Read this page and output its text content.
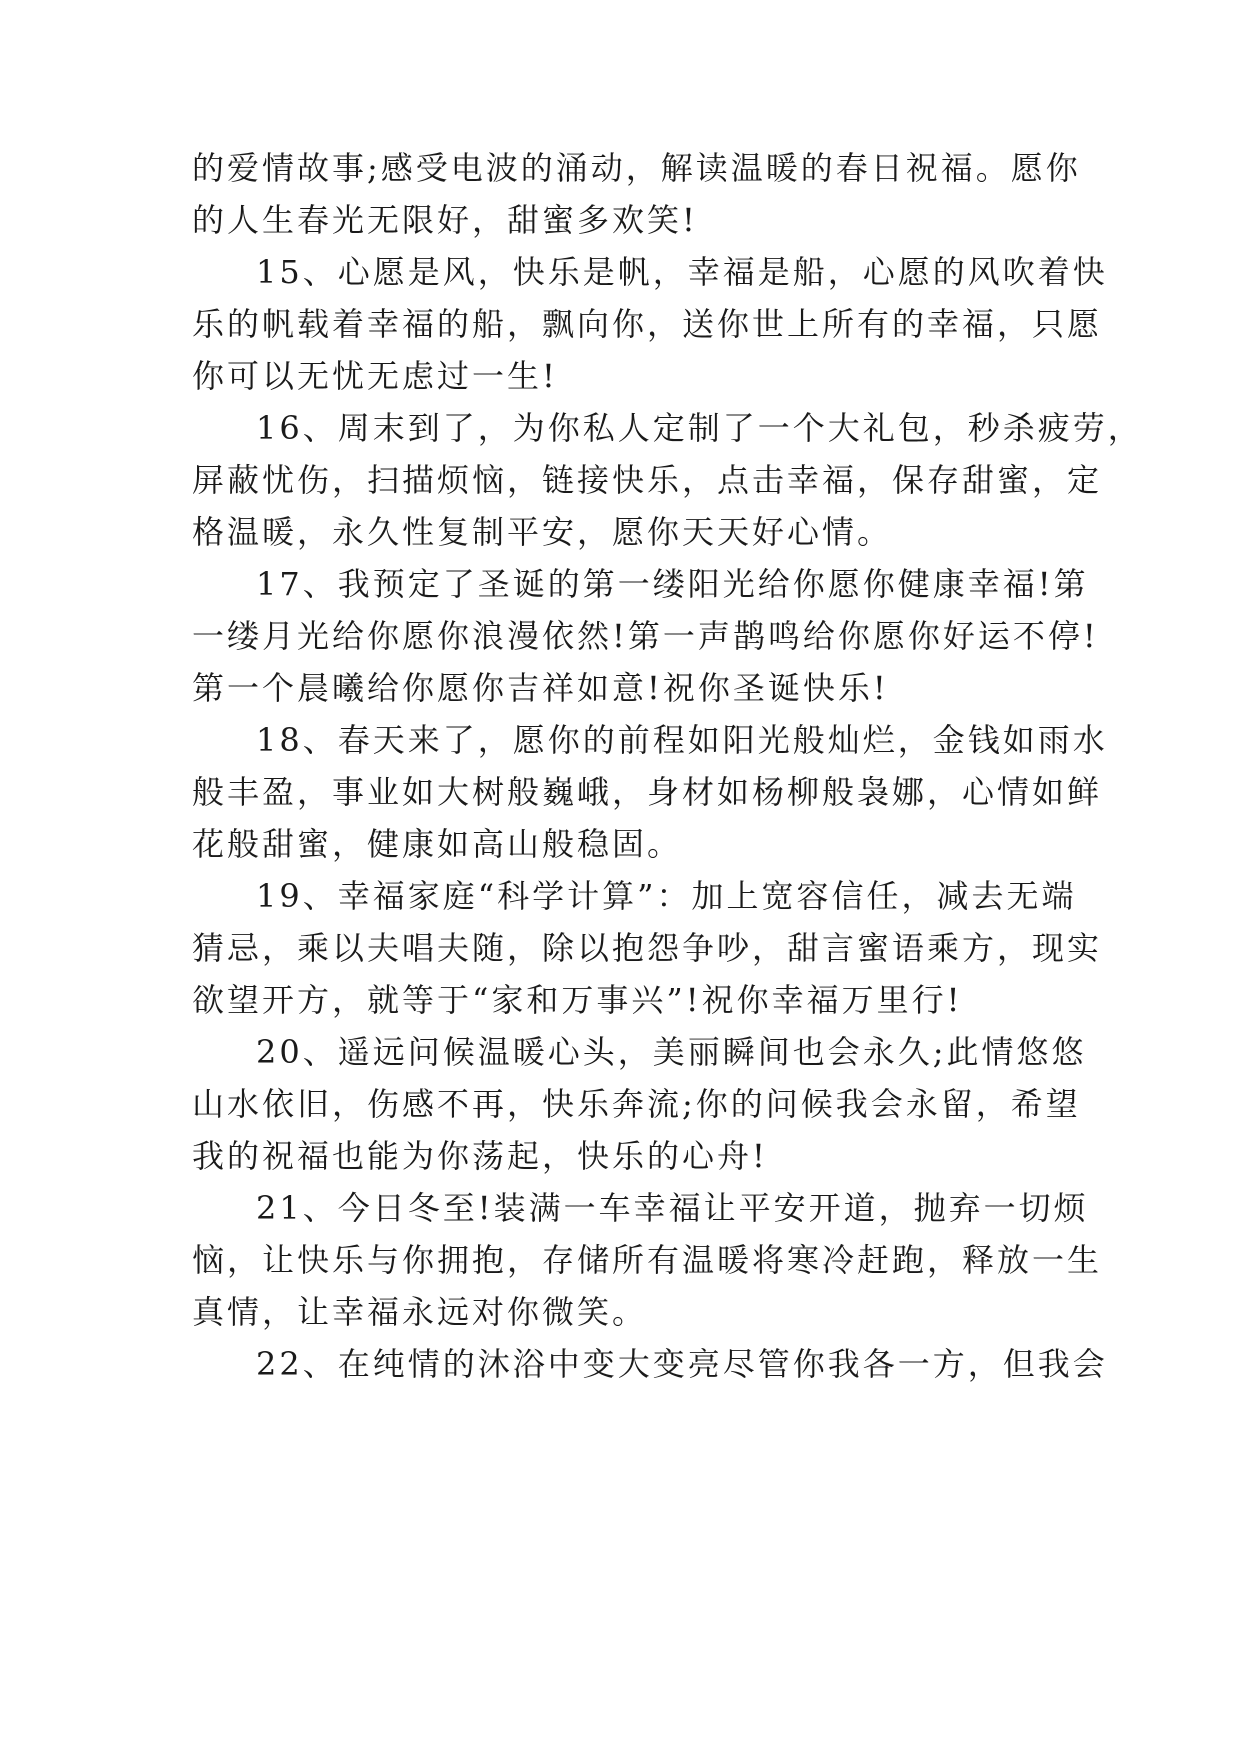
的爱情故事;感受电波的涌动，解读温暖的春日祝福。愿你
的人生春光无限好，甜蜜多欢笑!
15、心愿是风，快乐是帆，幸福是船，心愿的风吹着快
乐的帆载着幸福的船，飘向你，送你世上所有的幸福，只愿
你可以无忧无虑过一生!
16、周末到了，为你私人定制了一个大礼包，秒杀疲劳，
屏蔽忧伤，扫描烦恼，链接快乐，点击幸福，保存甜蜜，定
格温暖，永久性复制平安，愿你天天好心情。
17、我预定了圣诞的第一缕阳光给你愿你健康幸福!第
一缕月光给你愿你浪漫依然!第一声鹊鸣给你愿你好运不停!
第一个晨曦给你愿你吉祥如意!祝你圣诞快乐!
18、春天来了，愿你的前程如阳光般灿烂，金钱如雨水
般丰盈，事业如大树般巍峨，身材如杨柳般袅娜，心情如鲜
花般甜蜜，健康如高山般稳固。
19、幸福家庭“科学计算”：加上宽容信任，减去无端
猜忌，乘以夫唱夫随，除以抱怨争吵，甜言蜜语乘方，现实
欲望开方，就等于“家和万事兴”!祝你幸福万里行!
20、遥远问候温暖心头，美丽瞬间也会永久;此情悠悠
山水依旧，伤感不再，快乐奔流;你的问候我会永留，希望
我的祝福也能为你荡起，快乐的心舟!
21、今日冬至!装满一车幸福让平安开道，抛弃一切烦
恼，让快乐与你拥抱，存储所有温暖将寒冷赶跑，释放一生
真情，让幸福永远对你微笑。
22、在纯情的沐浴中变大变亮尽管你我各一方，但我会
